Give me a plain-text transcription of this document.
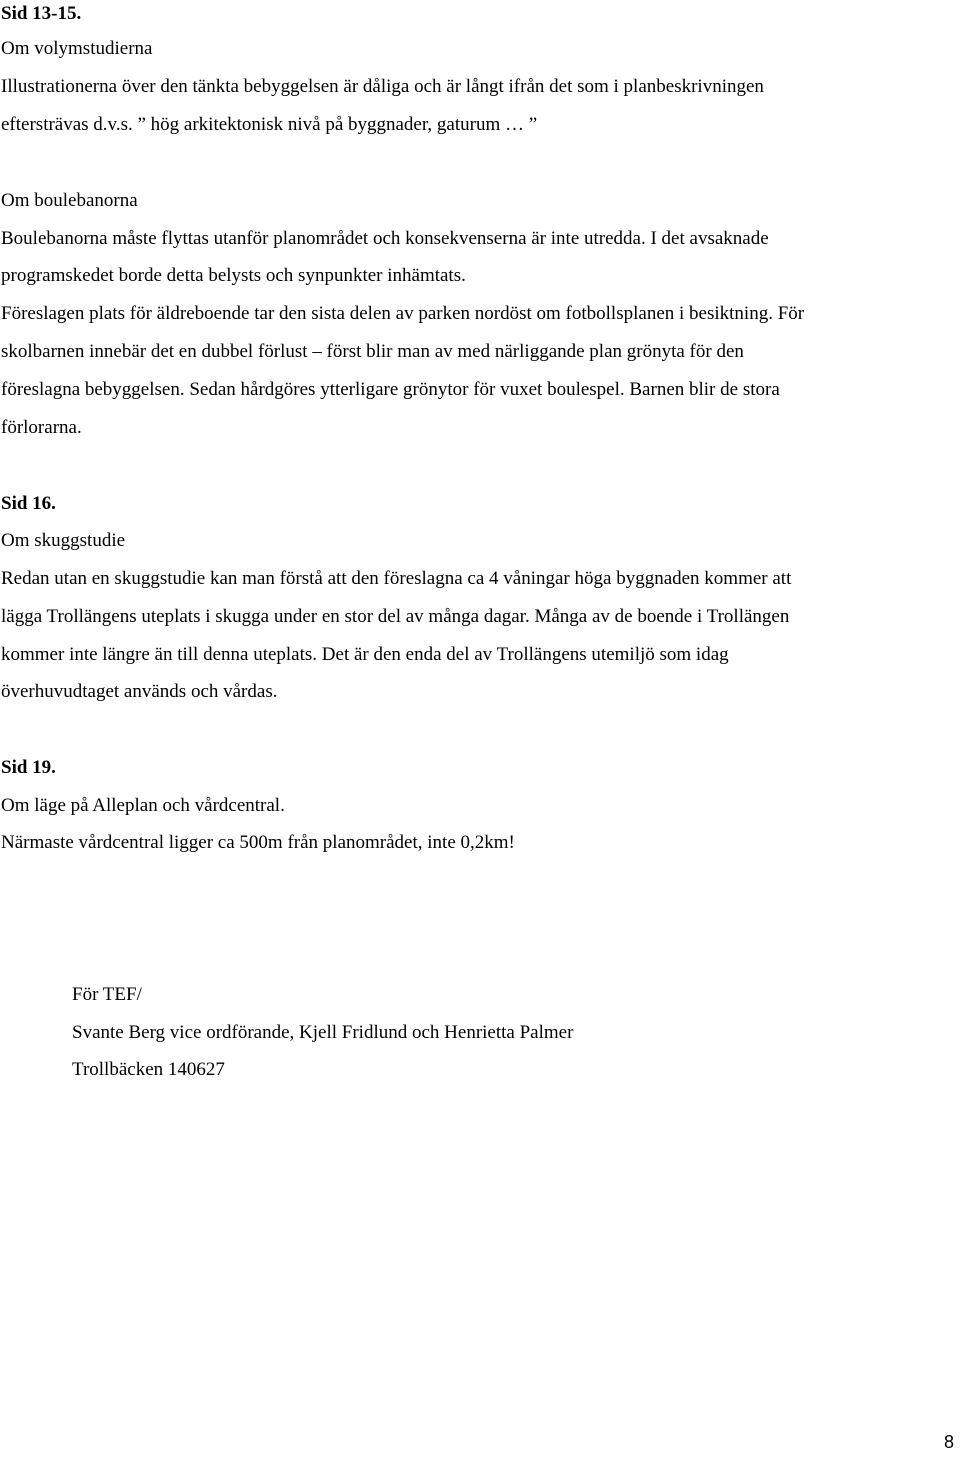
Sid 13-15.
Om volymstudierna
Illustrationerna över den tänkta bebyggelsen är dåliga och är långt ifrån det som i planbeskrivningen
eftersträvas d.v.s. ” hög arkitektonisk nivå på byggnader, gaturum … ”
Om boulebanorna
Boulebanorna måste flyttas utanför planområdet och konsekvenserna är inte utredda. I det avsaknade
programskedet borde detta belysts och synpunkter inhämtats.
Föreslagen plats för äldreboende tar den sista delen av parken nordöst om fotbollsplanen i besiktning. För
skolbarnen innebär det en dubbel förlust – först blir man av med närliggande plan grönyta för den
föreslagna bebyggelsen. Sedan hårdgöres ytterligare grönytor för vuxet boulespel. Barnen blir de stora
förlorarna.
Sid 16.
Om skuggstudie
Redan utan en skuggstudie kan man förstå att den föreslagna ca 4 våningar höga byggnaden kommer att
lägga Trollängens uteplats i skugga under en stor del av många dagar. Många av de boende i Trollängen
kommer inte längre än till denna uteplats. Det är den enda del av Trollängens utemiljö som idag
överhuvudtaget används och vårdas.
Sid 19.
Om läge på Alleplan och vårdcentral.
Närmaste vårdcentral ligger ca 500m från planområdet, inte 0,2km!
För TEF/
Svante Berg vice ordförande, Kjell Fridlund och Henrietta Palmer
Trollbäcken 140627
8
